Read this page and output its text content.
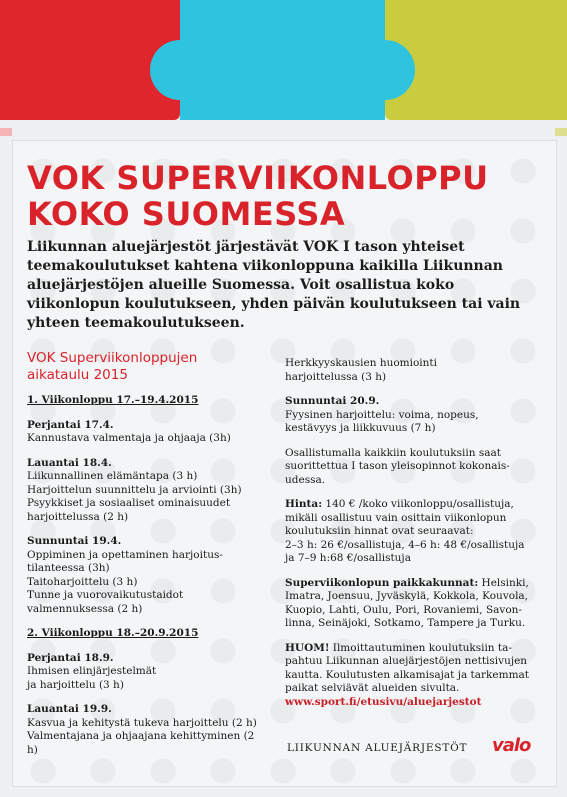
VOK SUPERVIIKONLOPPU
KOKO SUOMESSA

Liikunnan aluejärjestöt järjestävät VOK I tason yhteiset teemakoulutukset kahtena viikonloppuna kaikilla Liikunnan aluejärjestöjen alueille Suomessa. Voit osallistua koko viikonlopun koulutukseen, yhden päivän koulutukseen tai vain yhteen teemakoulutukseen.

VOK Superviikonloppujen
aikataulu 2015

1. Viikonloppu 17.–19.4.2015

Perjantai 17.4.

Kannustava valmentaja ja ohjaaja (3h)

Lauantai 18.4.

Liikunnallinen elämäntapa (3 h)

Harjoittelun suunnittelu ja arviointi (3h)

Psyykkiset ja sosiaaliset ominaisuudet

harjoittelussa (2 h)

Sunnuntai 19.4.

Oppiminen ja opettaminen harjoitus-

tilanteessa (3h)

Taitoharjoittelu (3 h)

Tunne ja vuorovaikutustaidot

valmennuksessa (2 h)

2. Viikonloppu 18.–20.9.2015

Perjantai 18.9.

Ihmisen elinjärjestelmät

ja harjoittelu (3 h)

Lauantai 19.9.

Kasvua ja kehitystä tukeva harjoittelu (2 h)

Valmentajana ja ohjaajana kehittyminen (2 h)

Herkkyyskausien huomiointi

harjoittelussa (3 h)

Sunnuntai 20.9.

Fyysinen harjoittelu: voima, nopeus,

kestävyys ja liikkuvuus (7 h)

Osallistumalla kaikkiin koulutuksiin saat

suorittettua I tason yleisopinnot kokonais-

udessa.

Hinta: 140 € /koko viikonloppu/osallistuja,

mikäli osallistuu vain osittain viikonlopun

koulutuksiin hinnat ovat seuraavat:

2–3 h: 26 €/osallistuja, 4–6 h: 48 €/osallistuja

ja 7–9 h:68 €/osallistuja

Superviikonlopun paikkakunnat: Helsinki,

Imatra, Joensuu, Jyväskylä, Kokkola, Kouvola,

Kuopio, Lahti, Oulu, Pori, Rovaniemi, Savon-

linna, Seinäjoki, Sotkamo, Tampere ja Turku.

HUOM! Ilmoittautuminen koulutuksiin ta-

pahtuu Liikunnan aluejärjestöjen nettisivujen

kautta. Koulutusten alkamisajat ja tarkemmat

paikat selviävät alueiden sivulta.

www.sport.fi/etusivu/aluejarjestot

LIIKUNNAN ALUEJÄRJESTÖT valo
